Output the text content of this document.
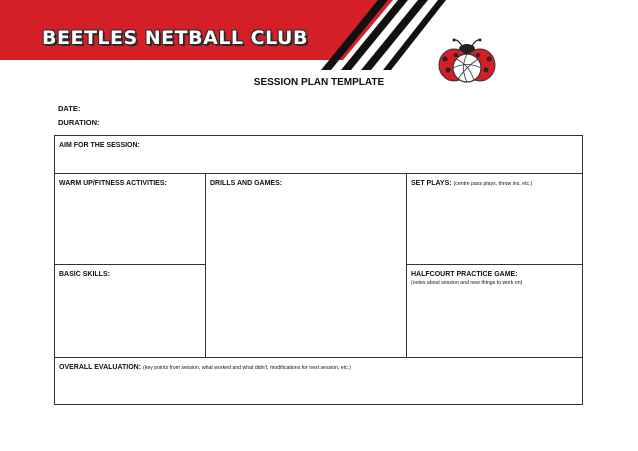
BEETLES NETBALL CLUB
SESSION PLAN TEMPLATE
DATE:
DURATION:
AIM FOR THE SESSION:
WARM UP/FITNESS ACTIVITIES:	DRILLS AND GAMES:	SET PLAYS: (centre pass plays, throw ins, etc.)
BASIC SKILLS:	HALFCOURT PRACTICE GAME:
(notes about session and new things to work on)
OVERALL EVALUATION: (key points from session, what worked and what didn't, modifications for next session, etc.)
